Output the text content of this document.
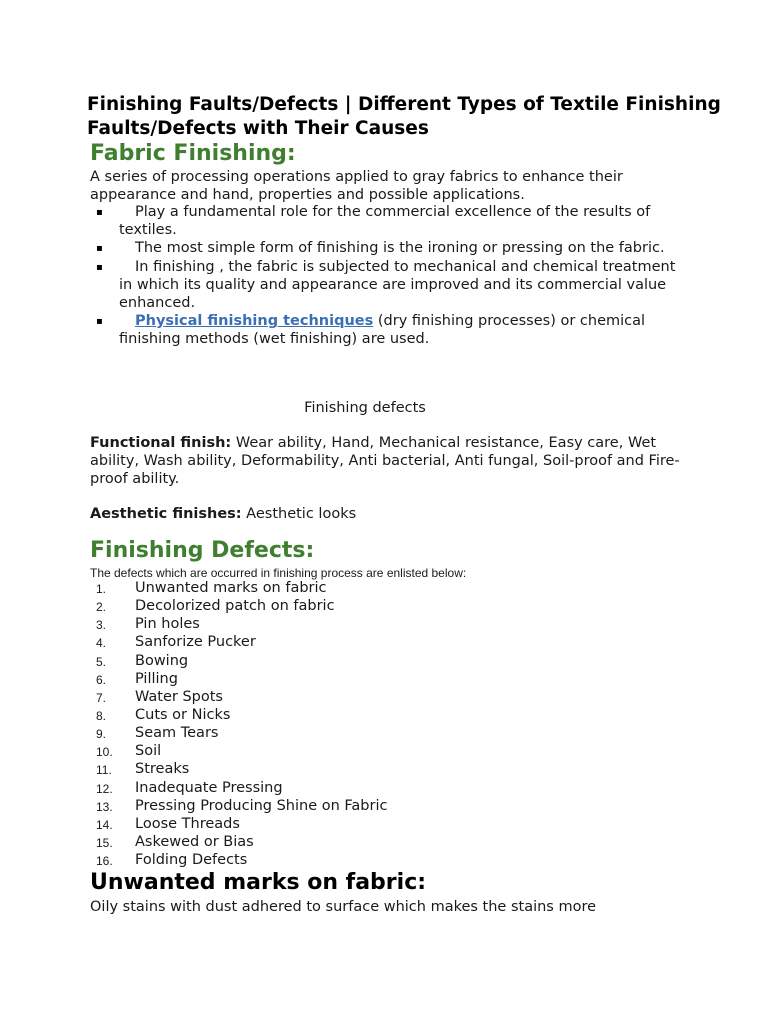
Finishing Faults/Defects | Different Types of Textile Finishing Faults/Defects with Their Causes
Fabric Finishing:

A series of processing operations applied to gray fabrics to enhance their appearance and hand, properties and possible applications.

▪ Play a fundamental role for the commercial excellence of the results of textiles.
▪ The most simple form of finishing is the ironing or pressing on the fabric.
▪ In finishing , the fabric is subjected to mechanical and chemical treatment in which its quality and appearance are improved and its commercial value enhanced.
▪ Physical finishing techniques (dry finishing processes) or chemical finishing methods (wet finishing) are used.

Finishing defects

Functional finish: Wear ability, Hand, Mechanical resistance, Easy care, Wet ability, Wash ability, Deformability, Anti bacterial, Anti fungal, Soil-proof and Fire-proof ability.

Aesthetic finishes: Aesthetic looks

Finishing Defects:

The defects which are occurred in finishing process are enlisted below:

1. Unwanted marks on fabric
2. Decolorized patch on fabric
3. Pin holes
4. Sanforize Pucker
5. Bowing
6. Pilling
7. Water Spots
8. Cuts or Nicks
9. Seam Tears
10. Soil
11. Streaks
12. Inadequate Pressing
13. Pressing Producing Shine on Fabric
14. Loose Threads
15. Askewed or Bias
16. Folding Defects
Unwanted marks on fabric:

Oily stains with dust adhered to surface which makes the stains more
